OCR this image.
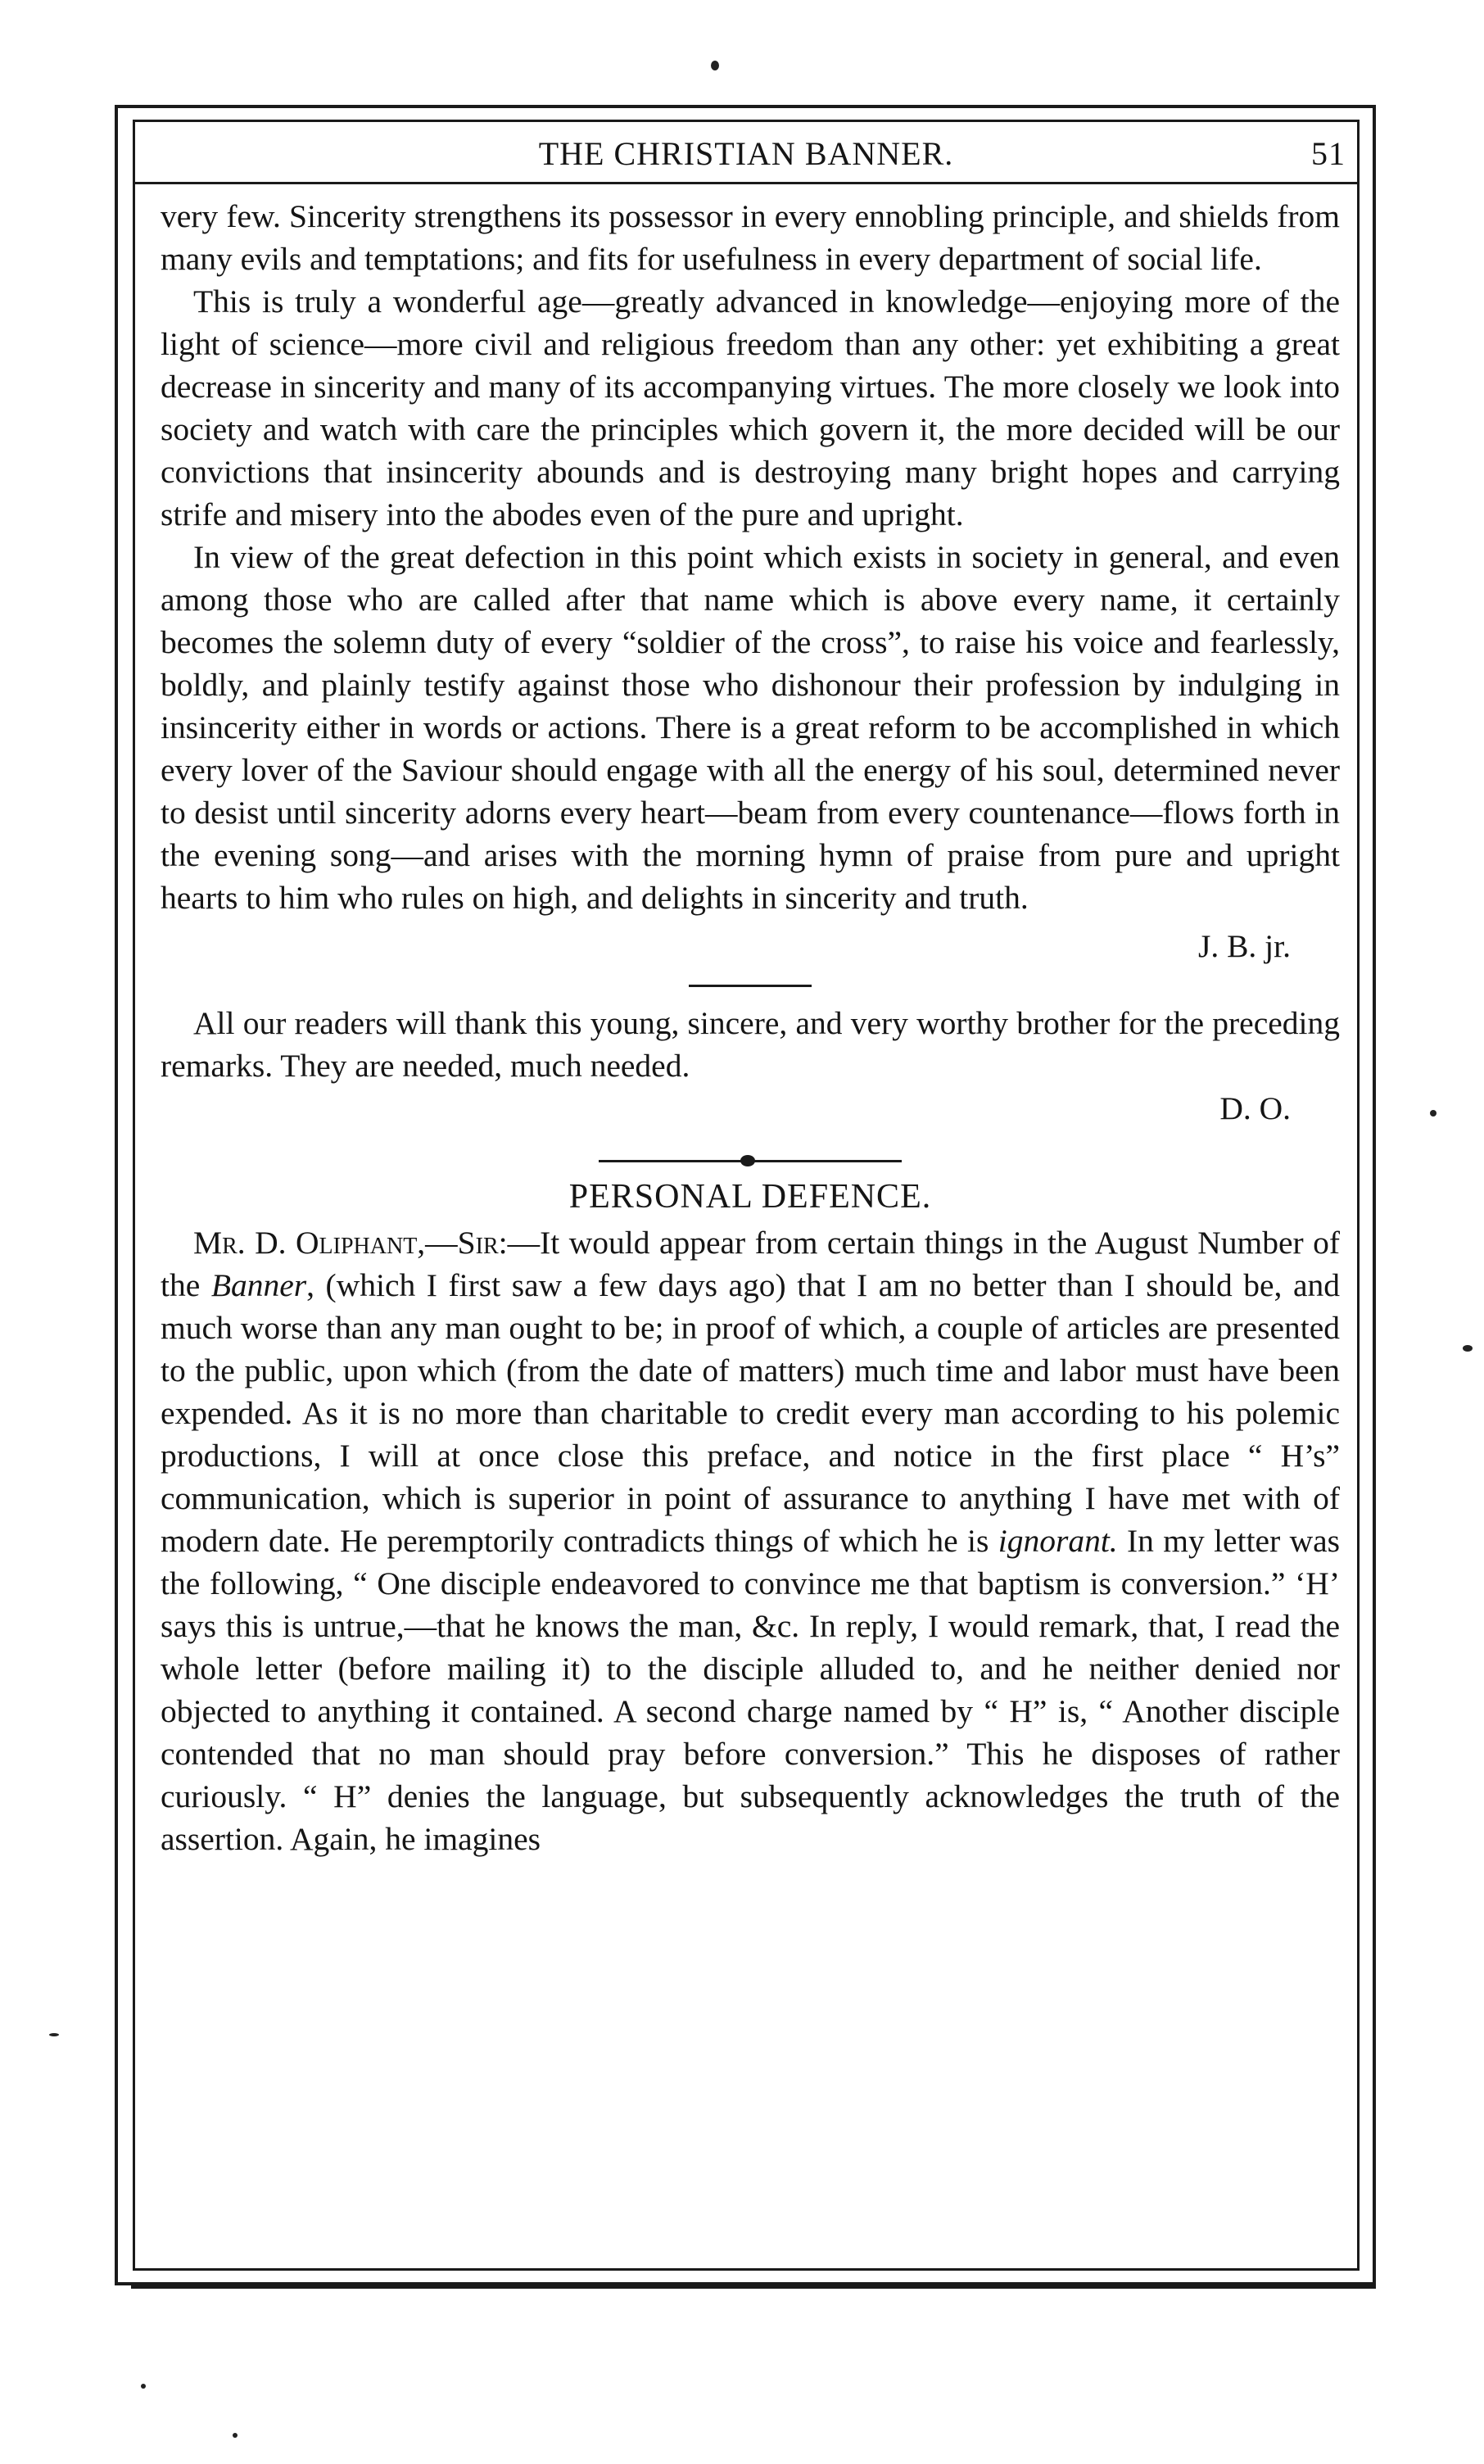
THE CHRISTIAN BANNER.	51

very few. Sincerity strengthens its possessor in every ennobling principle, and shields from many evils and temptations; and fits for usefulness in every department of social life.

This is truly a wonderful age—greatly advanced in knowledge—enjoying more of the light of science—more civil and religious freedom than any other: yet exhibiting a great decrease in sincerity and many of its accompanying virtues. The more closely we look into society and watch with care the principles which govern it, the more decided will be our convictions that insincerity abounds and is destroying many bright hopes and carrying strife and misery into the abodes even of the pure and upright.

In view of the great defection in this point which exists in society in general, and even among those who are called after that name which is above every name, it certainly becomes the solemn duty of every “soldier of the cross”, to raise his voice and fearlessly, boldly, and plainly testify against those who dishonour their profession by indulging in insincerity either in words or actions. There is a great reform to be accomplished in which every lover of the Saviour should engage with all the energy of his soul, determined never to desist until sincerity adorns every heart—beam from every countenance—flows forth in the evening song—and arises with the morning hymn of praise from pure and upright hearts to him who rules on high, and delights in sincerity and truth.

J. B. jr.

All our readers will thank this young, sincere, and very worthy brother for the preceding remarks. They are needed, much needed.

D. O.
PERSONAL DEFENCE.

Mr. D. Oliphant,—Sir:—It would appear from certain things in the August Number of the Banner, (which I first saw a few days ago) that I am no better than I should be, and much worse than any man ought to be; in proof of which, a couple of articles are presented to the public, upon which (from the date of matters) much time and labor must have been expended. As it is no more than charitable to credit every man according to his polemic productions, I will at once close this preface, and notice in the first place “ H’s” communication, which is superior in point of assurance to anything I have met with of modern date. He peremptorily contradicts things of which he is ignorant. In my letter was the following, “ One disciple endeavored to convince me that baptism is conversion.” ‘H’ says this is untrue,—that he knows the man, &c. In reply, I would remark, that, I read the whole letter (before mailing it) to the disciple alluded to, and he neither denied nor objected to anything it contained. A second charge named by “ H” is, “ Another disciple contended that no man should pray before conversion.” This he disposes of rather curiously. “ H” denies the language, but subsequently acknowledges the truth of the assertion. Again, he imagines
